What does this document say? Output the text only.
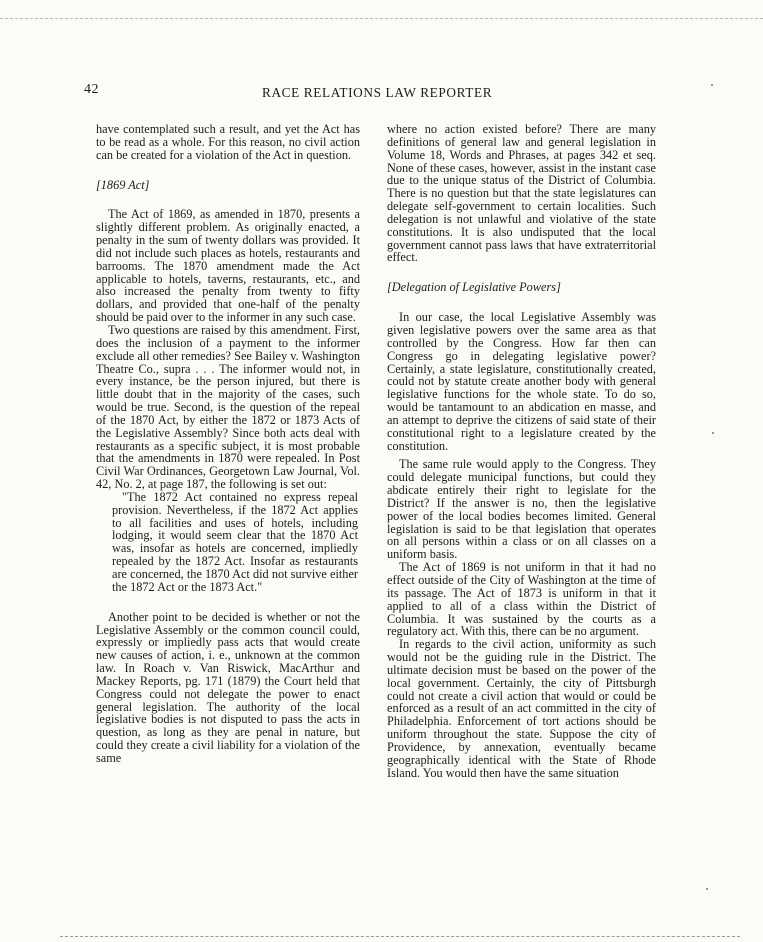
42	RACE RELATIONS LAW REPORTER

have contemplated such a result, and yet the Act has to be read as a whole. For this reason, no civil action can be created for a violation of the Act in question.

[1869 Act]

The Act of 1869, as amended in 1870, presents a slightly different problem. As originally enacted, a penalty in the sum of twenty dollars was provided. It did not include such places as hotels, restaurants and barrooms. The 1870 amendment made the Act applicable to hotels, taverns, restaurants, etc., and also increased the penalty from twenty to fifty dollars, and provided that one-half of the penalty should be paid over to the informer in any such case.

Two questions are raised by this amendment. First, does the inclusion of a payment to the informer exclude all other remedies? See Bailey v. Washington Theatre Co., supra . . . The informer would not, in every instance, be the person injured, but there is little doubt that in the majority of the cases, such would be true. Second, is the question of the repeal of the 1870 Act, by either the 1872 or 1873 Acts of the Legislative Assembly? Since both acts deal with restaurants as a specific subject, it is most probable that the amendments in 1870 were repealed. In Post Civil War Ordinances, Georgetown Law Journal, Vol. 42, No. 2, at page 187, the following is set out:

"The 1872 Act contained no express repeal provision. Nevertheless, if the 1872 Act applies to all facilities and uses of hotels, including lodging, it would seem clear that the 1870 Act was, insofar as hotels are concerned, impliedly repealed by the 1872 Act. Insofar as restaurants are concerned, the 1870 Act did not survive either the 1872 Act or the 1873 Act."

Another point to be decided is whether or not the Legislative Assembly or the common council could, expressly or impliedly pass acts that would create new causes of action, i. e., unknown at the common law. In Roach v. Van Riswick, MacArthur and Mackey Reports, pg. 171 (1879) the Court held that Congress could not delegate the power to enact general legislation. The authority of the local legislative bodies is not disputed to pass the acts in question, as long as they are penal in nature, but could they create a civil liability for a violation of the same

where no action existed before? There are many definitions of general law and general legislation in Volume 18, Words and Phrases, at pages 342 et seq. None of these cases, however, assist in the instant case due to the unique status of the District of Columbia. There is no question but that the state legislatures can delegate self-government to certain localities. Such delegation is not unlawful and violative of the state constitutions. It is also undisputed that the local government cannot pass laws that have extraterritorial effect.

[Delegation of Legislative Powers]

In our case, the local Legislative Assembly was given legislative powers over the same area as that controlled by the Congress. How far then can Congress go in delegating legislative power? Certainly, a state legislature, constitutionally created, could not by statute create another body with general legislative functions for the whole state. To do so, would be tantamount to an abdication en masse, and an attempt to deprive the citizens of said state of their constitutional right to a legislature created by the constitution.

The same rule would apply to the Congress. They could delegate municipal functions, but could they abdicate entirely their right to legislate for the District? If the answer is no, then the legislative power of the local bodies becomes limited. General legislation is said to be that legislation that operates on all persons within a class or on all classes on a uniform basis.

The Act of 1869 is not uniform in that it had no effect outside of the City of Washington at the time of its passage. The Act of 1873 is uniform in that it applied to all of a class within the District of Columbia. It was sustained by the courts as a regulatory act. With this, there can be no argument.

In regards to the civil action, uniformity as such would not be the guiding rule in the District. The ultimate decision must be based on the power of the local government. Certainly, the city of Pittsburgh could not create a civil action that would or could be enforced as a result of an act committed in the city of Philadelphia. Enforcement of tort actions should be uniform throughout the state. Suppose the city of Providence, by annexation, eventually became geographically identical with the State of Rhode Island. You would then have the same situation
